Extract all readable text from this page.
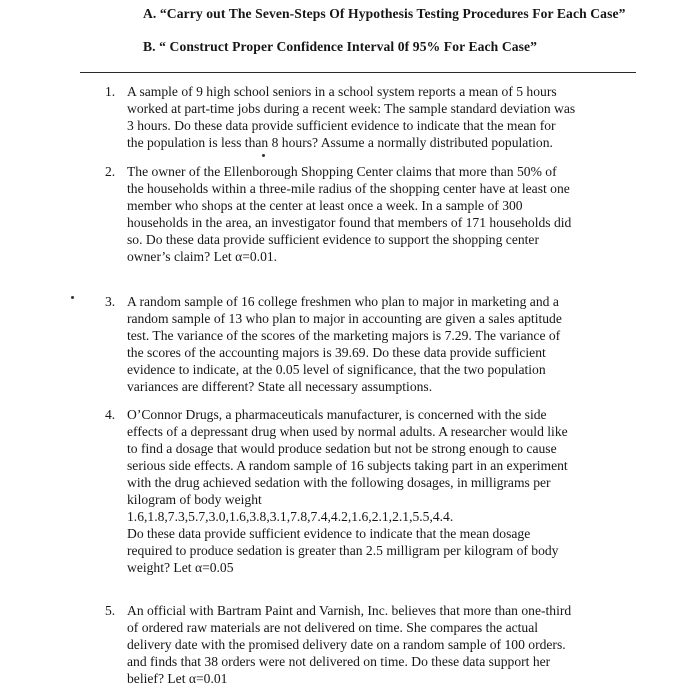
A. “Carry out The Seven-Steps Of Hypothesis Testing Procedures For Each Case”
B. “ Construct Proper Confidence Interval 0f 95% For Each Case”
1. A sample of 9 high school seniors in a school system reports a mean of 5 hours
worked at part-time jobs during a recent week: The sample standard deviation was
3 hours. Do these data provide sufficient evidence to indicate that the mean for
the population is less than 8 hours? Assume a normally distributed population.
2. The owner of the Ellenborough Shopping Center claims that more than 50% of
the households within a three-mile radius of the shopping center have at least one
member who shops at the center at least once a week. In a sample of 300
households in the area, an investigator found that members of 171 households did
so. Do these data provide sufficient evidence to support the shopping center
owner’s claim? Let α=0.01.
3. A random sample of 16 college freshmen who plan to major in marketing and a
random sample of 13 who plan to major in accounting are given a sales aptitude
test. The variance of the scores of the marketing majors is 7.29. The variance of
the scores of the accounting majors is 39.69. Do these data provide sufficient
evidence to indicate, at the 0.05 level of significance, that the two population
variances are different? State all necessary assumptions.
4. O’Connor Drugs, a pharmaceuticals manufacturer, is concerned with the side
effects of a depressant drug when used by normal adults. A researcher would like
to find a dosage that would produce sedation but not be strong enough to cause
serious side effects. A random sample of 16 subjects taking part in an experiment
with the drug achieved sedation with the following dosages, in milligrams per
kilogram of body weight
1.6,1.8,7.3,5.7,3.0,1.6,3.8,3.1,7.8,7.4,4.2,1.6,2.1,2.1,5.5,4.4.
Do these data provide sufficient evidence to indicate that the mean dosage
required to produce sedation is greater than 2.5 milligram per kilogram of body
weight? Let α=0.05
5. An official with Bartram Paint and Varnish, Inc. believes that more than one-third
of ordered raw materials are not delivered on time. She compares the actual
delivery date with the promised delivery date on a random sample of 100 orders.
and finds that 38 orders were not delivered on time. Do these data support her
belief? Let α=0.01
